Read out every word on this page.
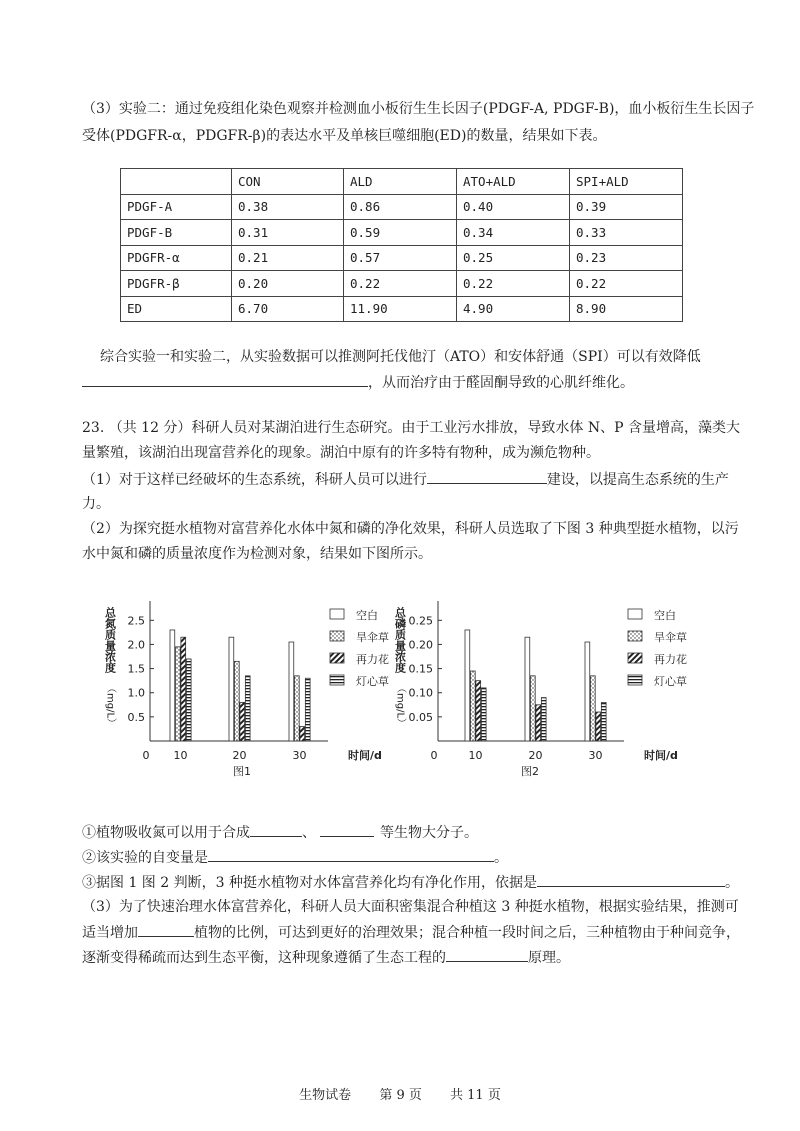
（3）实验二：通过免疫组化染色观察并检测血小板衍生生长因子(PDGF-A, PDGF-B)，血小板衍生生长因子
受体(PDGFR-α，PDGFR-β)的表达水平及单核巨噬细胞(ED)的数量，结果如下表。
	CON	ALD	ATO+ALD	SPI+ALD
PDGF-A	0.38	0.86	0.40	0.39
PDGF-B	0.31	0.59	0.34	0.33
PDGFR-α	0.21	0.57	0.25	0.23
PDGFR-β	0.20	0.22	0.22	0.22
ED	6.70	11.90	4.90	8.90
综合实验一和实验二，从实验数据可以推测阿托伐他汀（ATO）和安体舒通（SPI）可以有效降低
，从而治疗由于醛固酮导致的心肌纤维化。
23. （共 12 分）科研人员对某湖泊进行生态研究。由于工业污水排放，导致水体 N、P 含量增高，藻类大
量繁殖，该湖泊出现富营养化的现象。湖泊中原有的许多特有物种，成为濒危物种。
（1）对于这样已经破坏的生态系统，科研人员可以进行	建设，以提高生态系统的生产
力。
（2）为探究挺水植物对富营养化水体中氮和磷的净化效果，科研人员选取了下图 3 种典型挺水植物，以污
水中氮和磷的质量浓度作为检测对象，结果如下图所示。
0.5
1.0
1.5
2.0
2.5
总氮质量浓度
（mg/L）
0 10	20	30	时间/d
图1
空白
旱伞草
再力花
灯心草
0.05
0.10
0.15
0.20
0.25
总磷质量浓度
（mg/L）
0	10	20	30	时间/d
图2
空白
旱伞草
再力花
灯心草
①植物吸收氮可以用于合成	、	等生物大分子。
②该实验的自变量是	。
③据图 1 图 2 判断，3 种挺水植物对水体富营养化均有净化作用，依据是	。
（3）为了快速治理水体富营养化，科研人员大面积密集混合种植这 3 种挺水植物，根据实验结果，推测可
适当增加	植物的比例，可达到更好的治理效果；混合种植一段时间之后，三种植物由于种间竞争，
逐渐变得稀疏而达到生态平衡，这种现象遵循了生态工程的	原理。
生物试卷 第 9 页 共 11 页
